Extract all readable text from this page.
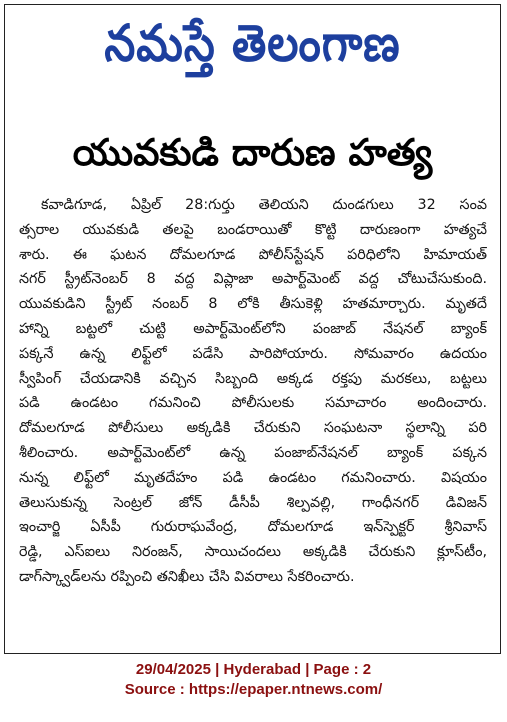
నమస్తే తెలంగాణ
యువకుడి దారుణ హత్య
కవాడిగూడ, ఏప్రిల్ 28:గుర్తు తెలియని దుండగులు 32 సంవ
త్సరాల యువకుడి తలపై బండరాయితో కొట్టి దారుణంగా హత్యచే
శారు. ఈ ఘటన దోమలగూడ పోలీస్‌స్టేషన్ పరిధిలోని హిమాయత్
నగర్ స్ట్రీట్‌నెంబర్ 8 వద్ద విప్లాజా అపార్ట్‌మెంట్ వద్ద చోటుచేసుకుంది.
యువకుడిని స్ట్రీట్ నంబర్ 8 లోకి తీసుకెళ్లి హతమార్చారు. మృతదే
హాన్ని బట్టలో చుట్టి అపార్ట్‌మెంట్‌లోని పంజాబ్ నేషనల్ బ్యాంక్
పక్కనే ఉన్న లిఫ్ట్‌లో పడేసి పారిపోయారు. సోమవారం ఉదయం
స్వీపింగ్ చేయడానికి వచ్చిన సిబ్బంది అక్కడ రక్తపు మరకలు, బట్టలు
పడి ఉండటం గమనించి పోలీసులకు సమాచారం అందించారు.
దోమలగూడ పోలీసులు అక్కడికి చేరుకుని సంఘటనా స్థలాన్ని పరి
శీలించారు. అపార్ట్‌మెంట్‌లో ఉన్న పంజాబ్‌నేషనల్ బ్యాంక్ పక్కన
నున్న లిఫ్ట్‌లో మృతదేహం పడి ఉండటం గమనించారు. విషయం
తెలుసుకున్న సెంట్రల్ జోన్ డీసీపీ శిల్పవల్లి, గాంధీనగర్ డివిజన్
ఇంచార్జి ఏసీపీ గురురాఘవేంద్ర, దోమలగూడ ఇన్‌స్పెక్టర్ శ్రీనివాస్
రెడ్డి, ఎస్ఐలు నిరంజన్, సాయిచందలు అక్కడికి చేరుకుని క్లూస్‌టీం,
డాగ్‌స్క్వాడ్‌లను రప్పించి తనిఖీలు చేసి వివరాలు సేకరించారు.
29/04/2025 | Hyderabad | Page : 2
Source : https://epaper.ntnews.com/
